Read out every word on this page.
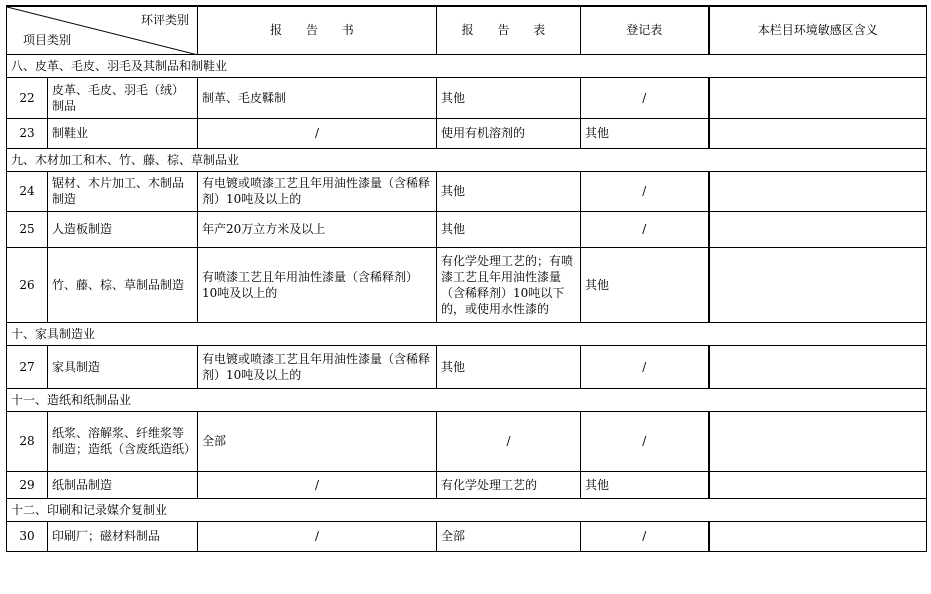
环评类别
项目类别		报 告 书	报 告 表	登记表	本栏目环境敏感区含义
八、皮革、毛皮、羽毛及其制品和制鞋业					
22	皮革、毛皮、羽毛（绒）制品	制革、毛皮鞣制	其他	/	
23	制鞋业	/	使用有机溶剂的	其他	
九、木材加工和木、竹、藤、棕、草制品业					
24	锯材、木片加工、木制品制造	有电镀或喷漆工艺且年用油性漆量（含稀释剂）10吨及以上的	其他	/	
25	人造板制造	年产20万立方米及以上	其他	/	
26	竹、藤、棕、草制品制造	有喷漆工艺且年用油性漆量（含稀释剂）10吨及以上的	有化学处理工艺的；有喷漆工艺且年用油性漆量（含稀释剂）10吨以下的，或使用水性漆的	其他	
十、家具制造业					
27	家具制造	有电镀或喷漆工艺且年用油性漆量（含稀释剂）10吨及以上的	其他	/	
十一、造纸和纸制品业					
28	纸浆、溶解浆、纤维浆等制造；造纸（含废纸造纸）	全部	/	/	
29	纸制品制造	/	有化学处理工艺的	其他	
十二、印刷和记录媒介复制业					
30	印刷厂；磁材料制品	/	全部	/	
